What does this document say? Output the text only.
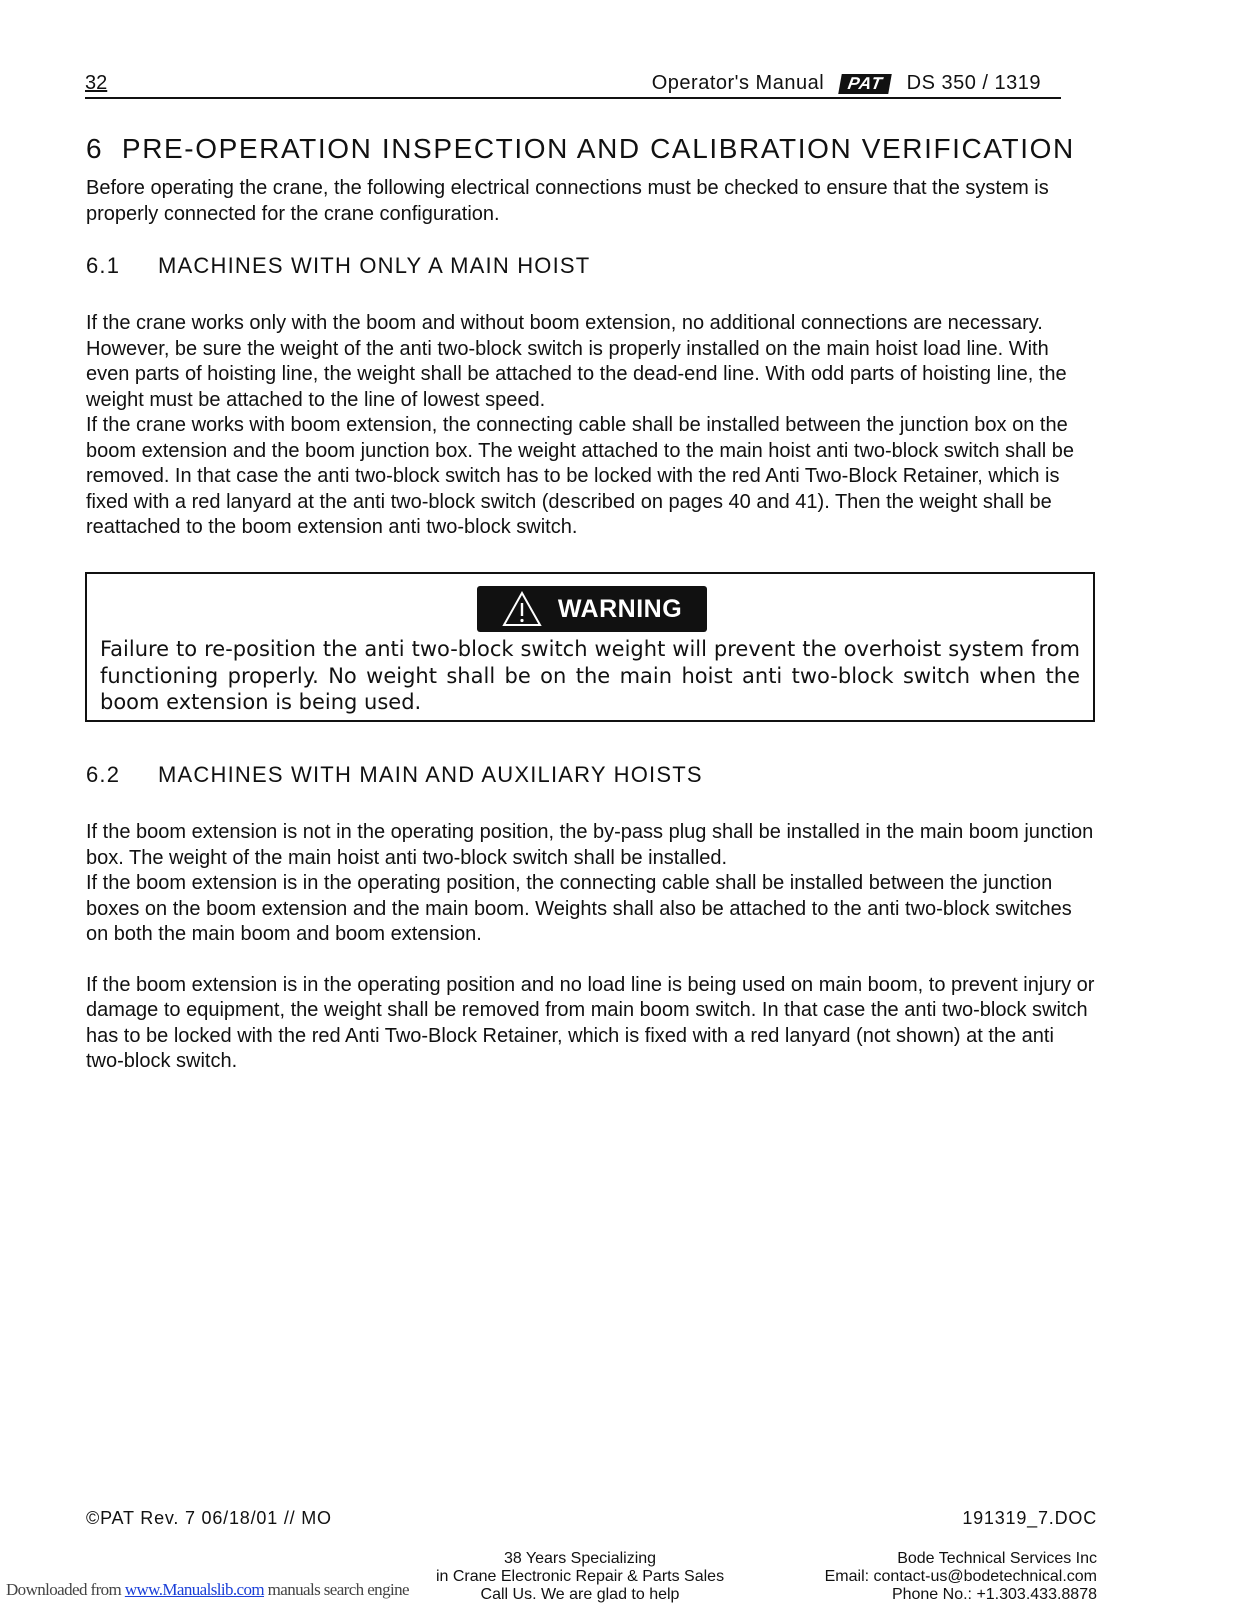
32	Operator's Manual	PAT	DS 350 / 1319
6  PRE-OPERATION INSPECTION AND CALIBRATION VERIFICATION

Before operating the crane, the following electrical connections must be checked to ensure that the system is properly connected for the crane configuration.

6.1	MACHINES WITH ONLY A MAIN HOIST

If the crane works only with the boom and without boom extension, no additional connections are necessary. However, be sure the weight of the anti two-block switch is properly installed on the main hoist load line. With even parts of hoisting line, the weight shall be attached to the dead-end line. With odd parts of hoisting line, the weight must be attached to the line of lowest speed.

If the crane works with boom extension, the connecting cable shall be installed between the junction box on the boom extension and the boom junction box. The weight attached to the main hoist anti two-block switch shall be removed. In that case the anti two-block switch has to be locked with the red Anti Two-Block Retainer, which is fixed with a red lanyard at the anti two-block switch (described on pages 40 and 41). Then the weight shall be reattached to the boom extension anti two-block switch.

WARNING
Failure to re-position the anti two-block switch weight will prevent the overhoist system from functioning properly. No weight shall be on the main hoist anti two-block switch when the boom extension is being used.
6.2	MACHINES WITH MAIN AND AUXILIARY HOISTS

If the boom extension is not in the operating position, the by-pass plug shall be installed in the main boom junction box. The weight of the main hoist anti two-block switch shall be installed.

If the boom extension is in the operating position, the connecting cable shall be installed between the junction boxes on the boom extension and the main boom. Weights shall also be attached to the anti two-block switches on both the main boom and boom extension.

If the boom extension is in the operating position and no load line is being used on main boom, to prevent injury or damage to equipment, the weight shall be removed from main boom switch. In that case the anti two-block switch has to be locked with the red Anti Two-Block Retainer, which is fixed with a red lanyard (not shown) at the anti two-block switch.

©PAT Rev. 7 06/18/01 // MO	191319_7.DOC
38 Years Specializing
in Crane Electronic Repair & Parts Sales
Call Us. We are glad to help
Bode Technical Services Inc
Email: contact-us@bodetechnical.com
Phone No.: +1.303.433.8878
Downloaded from www.Manualslib.com manuals search engine
